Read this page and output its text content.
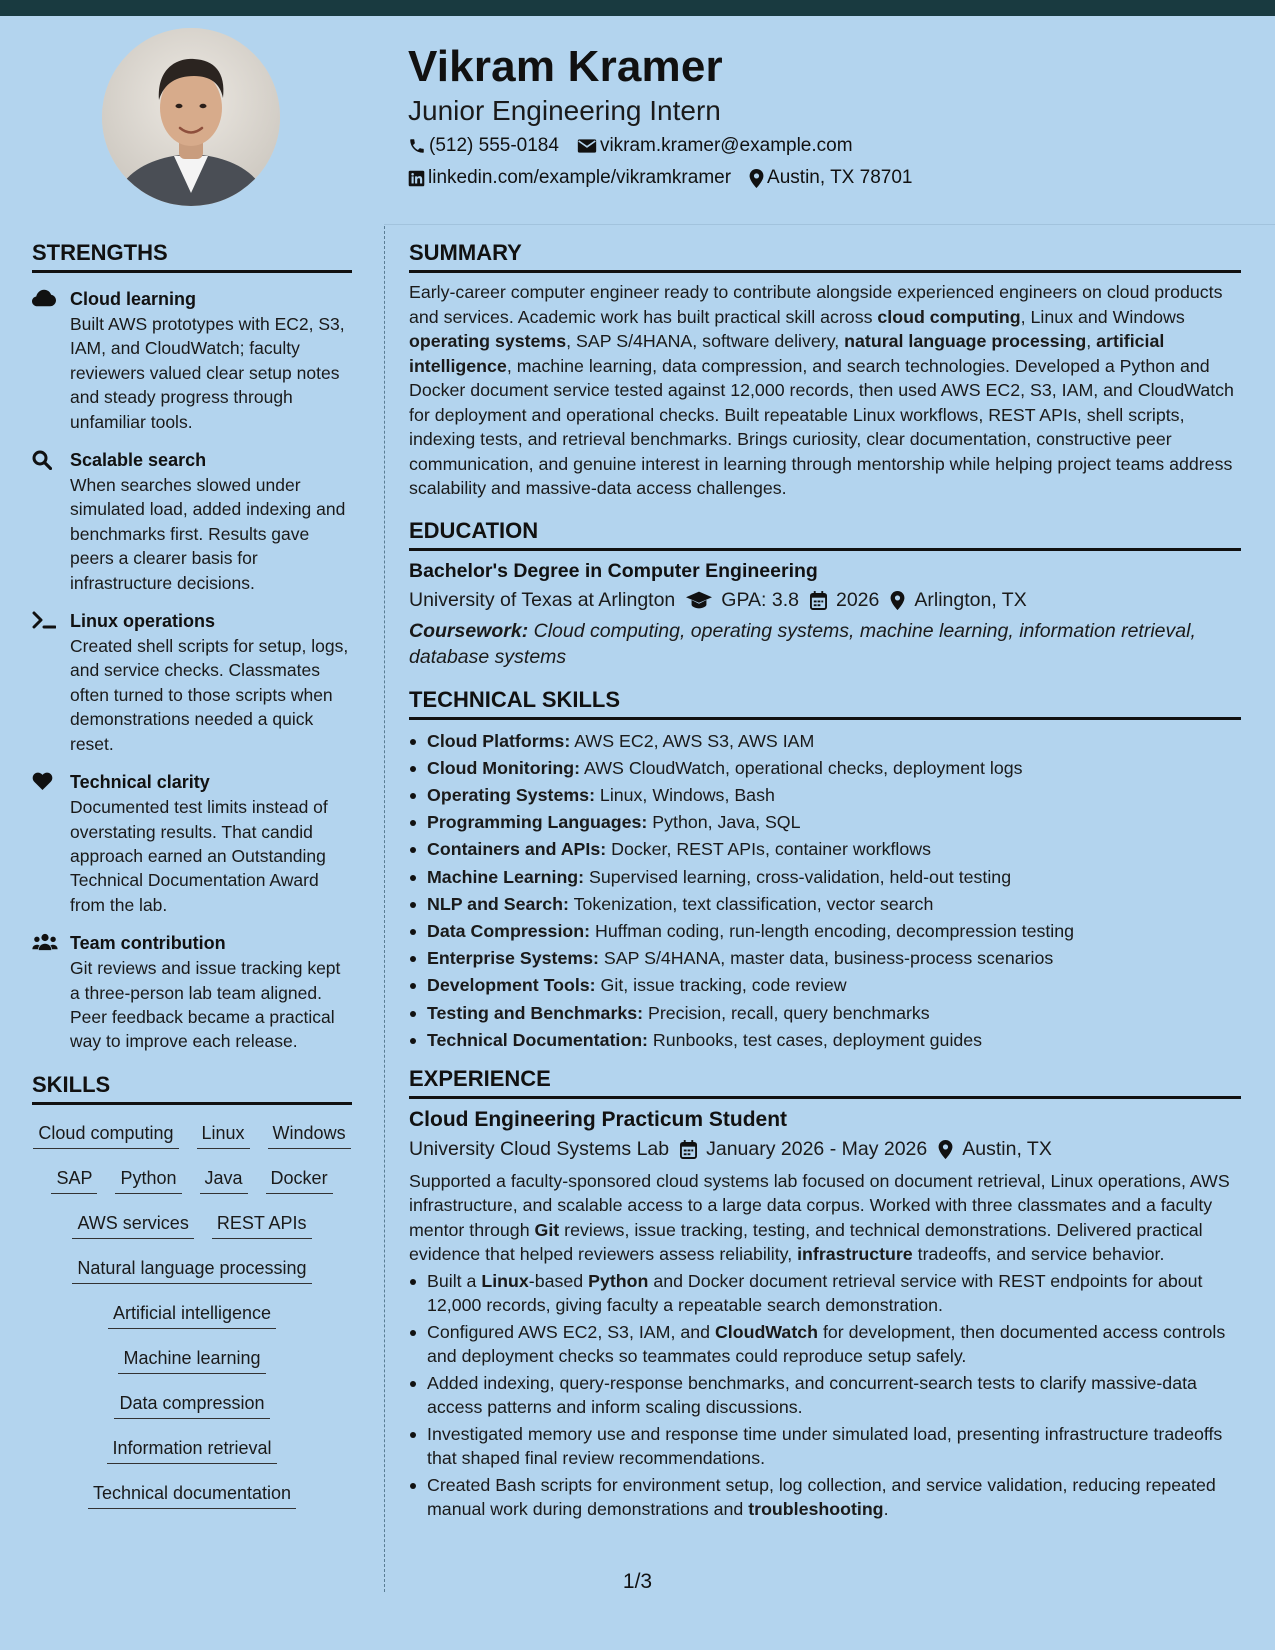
Vikram Kramer
Junior Engineering Intern
(512) 555-0184 vikram.kramer@example.com
linkedin.com/example/vikramkramer Austin, TX 78701
STRENGTHS
Cloud learning
Built AWS prototypes with EC2, S3, IAM, and CloudWatch; faculty reviewers valued clear setup notes and steady progress through unfamiliar tools.
Scalable search
When searches slowed under simulated load, added indexing and benchmarks first. Results gave peers a clearer basis for infrastructure decisions.
Linux operations
Created shell scripts for setup, logs, and service checks. Classmates often turned to those scripts when demonstrations needed a quick reset.
Technical clarity
Documented test limits instead of overstating results. That candid approach earned an Outstanding Technical Documentation Award from the lab.
Team contribution
Git reviews and issue tracking kept a three-person lab team aligned. Peer feedback became a practical way to improve each release.
SKILLS
Cloud computing Linux Windows
SAP Python Java Docker
AWS services REST APIs
Natural language processing
Artificial intelligence
Machine learning
Data compression
Information retrieval
Technical documentation
SUMMARY
Early-career computer engineer ready to contribute alongside experienced engineers on cloud products and services. Academic work has built practical skill across cloud computing, Linux and Windows operating systems, SAP S/4HANA, software delivery, natural language processing, artificial intelligence, machine learning, data compression, and search technologies. Developed a Python and Docker document service tested against 12,000 records, then used AWS EC2, S3, IAM, and CloudWatch for deployment and operational checks. Built repeatable Linux workflows, REST APIs, shell scripts, indexing tests, and retrieval benchmarks. Brings curiosity, clear documentation, constructive peer communication, and genuine interest in learning through mentorship while helping project teams address scalability and massive-data access challenges.
EDUCATION
Bachelor's Degree in Computer Engineering
University of Texas at Arlington GPA: 3.8 2026 Arlington, TX
Coursework: Cloud computing, operating systems, machine learning, information retrieval, database systems
TECHNICAL SKILLS
Cloud Platforms: AWS EC2, AWS S3, AWS IAM
Cloud Monitoring: AWS CloudWatch, operational checks, deployment logs
Operating Systems: Linux, Windows, Bash
Programming Languages: Python, Java, SQL
Containers and APIs: Docker, REST APIs, container workflows
Machine Learning: Supervised learning, cross-validation, held-out testing
NLP and Search: Tokenization, text classification, vector search
Data Compression: Huffman coding, run-length encoding, decompression testing
Enterprise Systems: SAP S/4HANA, master data, business-process scenarios
Development Tools: Git, issue tracking, code review
Testing and Benchmarks: Precision, recall, query benchmarks
Technical Documentation: Runbooks, test cases, deployment guides
EXPERIENCE
Cloud Engineering Practicum Student
University Cloud Systems Lab January 2026 - May 2026 Austin, TX
Supported a faculty-sponsored cloud systems lab focused on document retrieval, Linux operations, AWS infrastructure, and scalable access to a large data corpus. Worked with three classmates and a faculty mentor through Git reviews, issue tracking, testing, and technical demonstrations. Delivered practical evidence that helped reviewers assess reliability, infrastructure tradeoffs, and service behavior.
Built a Linux-based Python and Docker document retrieval service with REST endpoints for about 12,000 records, giving faculty a repeatable search demonstration.
Configured AWS EC2, S3, IAM, and CloudWatch for development, then documented access controls and deployment checks so teammates could reproduce setup safely.
Added indexing, query-response benchmarks, and concurrent-search tests to clarify massive-data access patterns and inform scaling discussions.
Investigated memory use and response time under simulated load, presenting infrastructure tradeoffs that shaped final review recommendations.
Created Bash scripts for environment setup, log collection, and service validation, reducing repeated manual work during demonstrations and troubleshooting.
1/3
